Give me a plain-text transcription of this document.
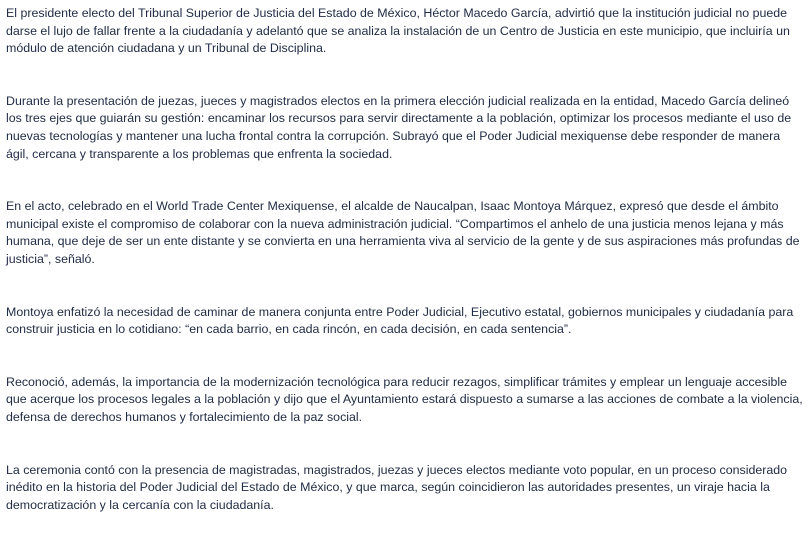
El presidente electo del Tribunal Superior de Justicia del Estado de México, Héctor Macedo García, advirtió que la institución judicial no puede darse el lujo de fallar frente a la ciudadanía y adelantó que se analiza la instalación de un Centro de Justicia en este municipio, que incluiría un módulo de atención ciudadana y un Tribunal de Disciplina.

Durante la presentación de juezas, jueces y magistrados electos en la primera elección judicial realizada en la entidad, Macedo García delineó los tres ejes que guiarán su gestión: encaminar los recursos para servir directamente a la población, optimizar los procesos mediante el uso de nuevas tecnologías y mantener una lucha frontal contra la corrupción. Subrayó que el Poder Judicial mexiquense debe responder de manera ágil, cercana y transparente a los problemas que enfrenta la sociedad.

En el acto, celebrado en el World Trade Center Mexiquense, el alcalde de Naucalpan, Isaac Montoya Márquez, expresó que desde el ámbito municipal existe el compromiso de colaborar con la nueva administración judicial. “Compartimos el anhelo de una justicia menos lejana y más humana, que deje de ser un ente distante y se convierta en una herramienta viva al servicio de la gente y de sus aspiraciones más profundas de justicia”, señaló.

Montoya enfatizó la necesidad de caminar de manera conjunta entre Poder Judicial, Ejecutivo estatal, gobiernos municipales y ciudadanía para construir justicia en lo cotidiano: “en cada barrio, en cada rincón, en cada decisión, en cada sentencia”.

Reconoció, además, la importancia de la modernización tecnológica para reducir rezagos, simplificar trámites y emplear un lenguaje accesible que acerque los procesos legales a la población y dijo que el Ayuntamiento estará dispuesto a sumarse a las acciones de combate a la violencia, defensa de derechos humanos y fortalecimiento de la paz social.

La ceremonia contó con la presencia de magistradas, magistrados, juezas y jueces electos mediante voto popular, en un proceso considerado inédito en la historia del Poder Judicial del Estado de México, y que marca, según coincidieron las autoridades presentes, un viraje hacia la democratización y la cercanía con la ciudadanía.
